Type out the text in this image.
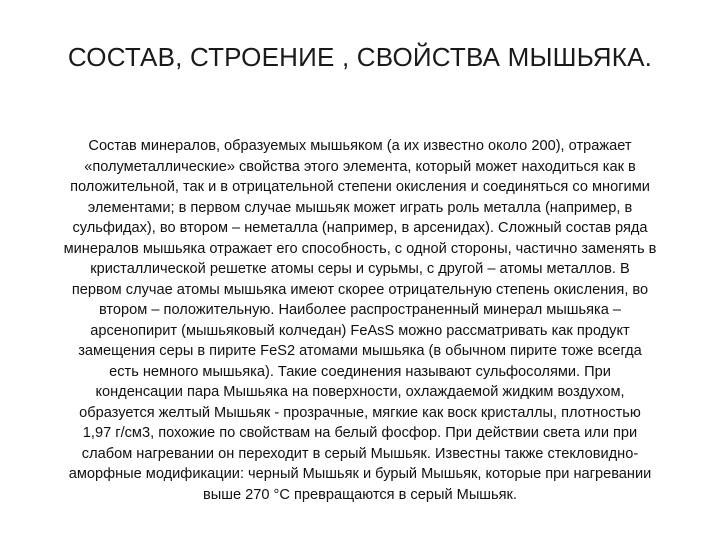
СОСТАВ, СТРОЕНИЕ , СВОЙСТВА МЫШЬЯКА.
Состав минералов, образуемых мышьяком (а их известно около 200), отражает
«полуметаллические» свойства этого элемента, который может находиться как в
положительной, так и в отрицательной степени окисления и соединяться со многими
элементами; в первом случае мышьяк может играть роль металла (например, в
сульфидах), во втором – неметалла (например, в арсенидах). Сложный состав ряда
минералов мышьяка отражает его способность, с одной стороны, частично заменять в
кристаллической решетке атомы серы и сурьмы, с другой – атомы металлов. В
первом случае атомы мышьяка имеют скорее отрицательную степень окисления, во
втором – положительную. Наиболее распространенный минерал мышьяка –
арсенопирит (мышьяковый колчедан) FeAsS можно рассматривать как продукт
замещения серы в пирите FeS2 атомами мышьяка (в обычном пирите тоже всегда
есть немного мышьяка). Такие соединения называют сульфосолями. При
конденсации пара Мышьяка на поверхности, охлаждаемой жидким воздухом,
образуется желтый Мышьяк - прозрачные, мягкие как воск кристаллы, плотностью
1,97 г/см3, похожие по свойствам на белый фосфор. При действии света или при
слабом нагревании он переходит в серый Мышьяк. Известны также стекловидно-
аморфные модификации: черный Мышьяк и бурый Мышьяк, которые при нагревании
выше 270 °С превращаются в серый Мышьяк.
